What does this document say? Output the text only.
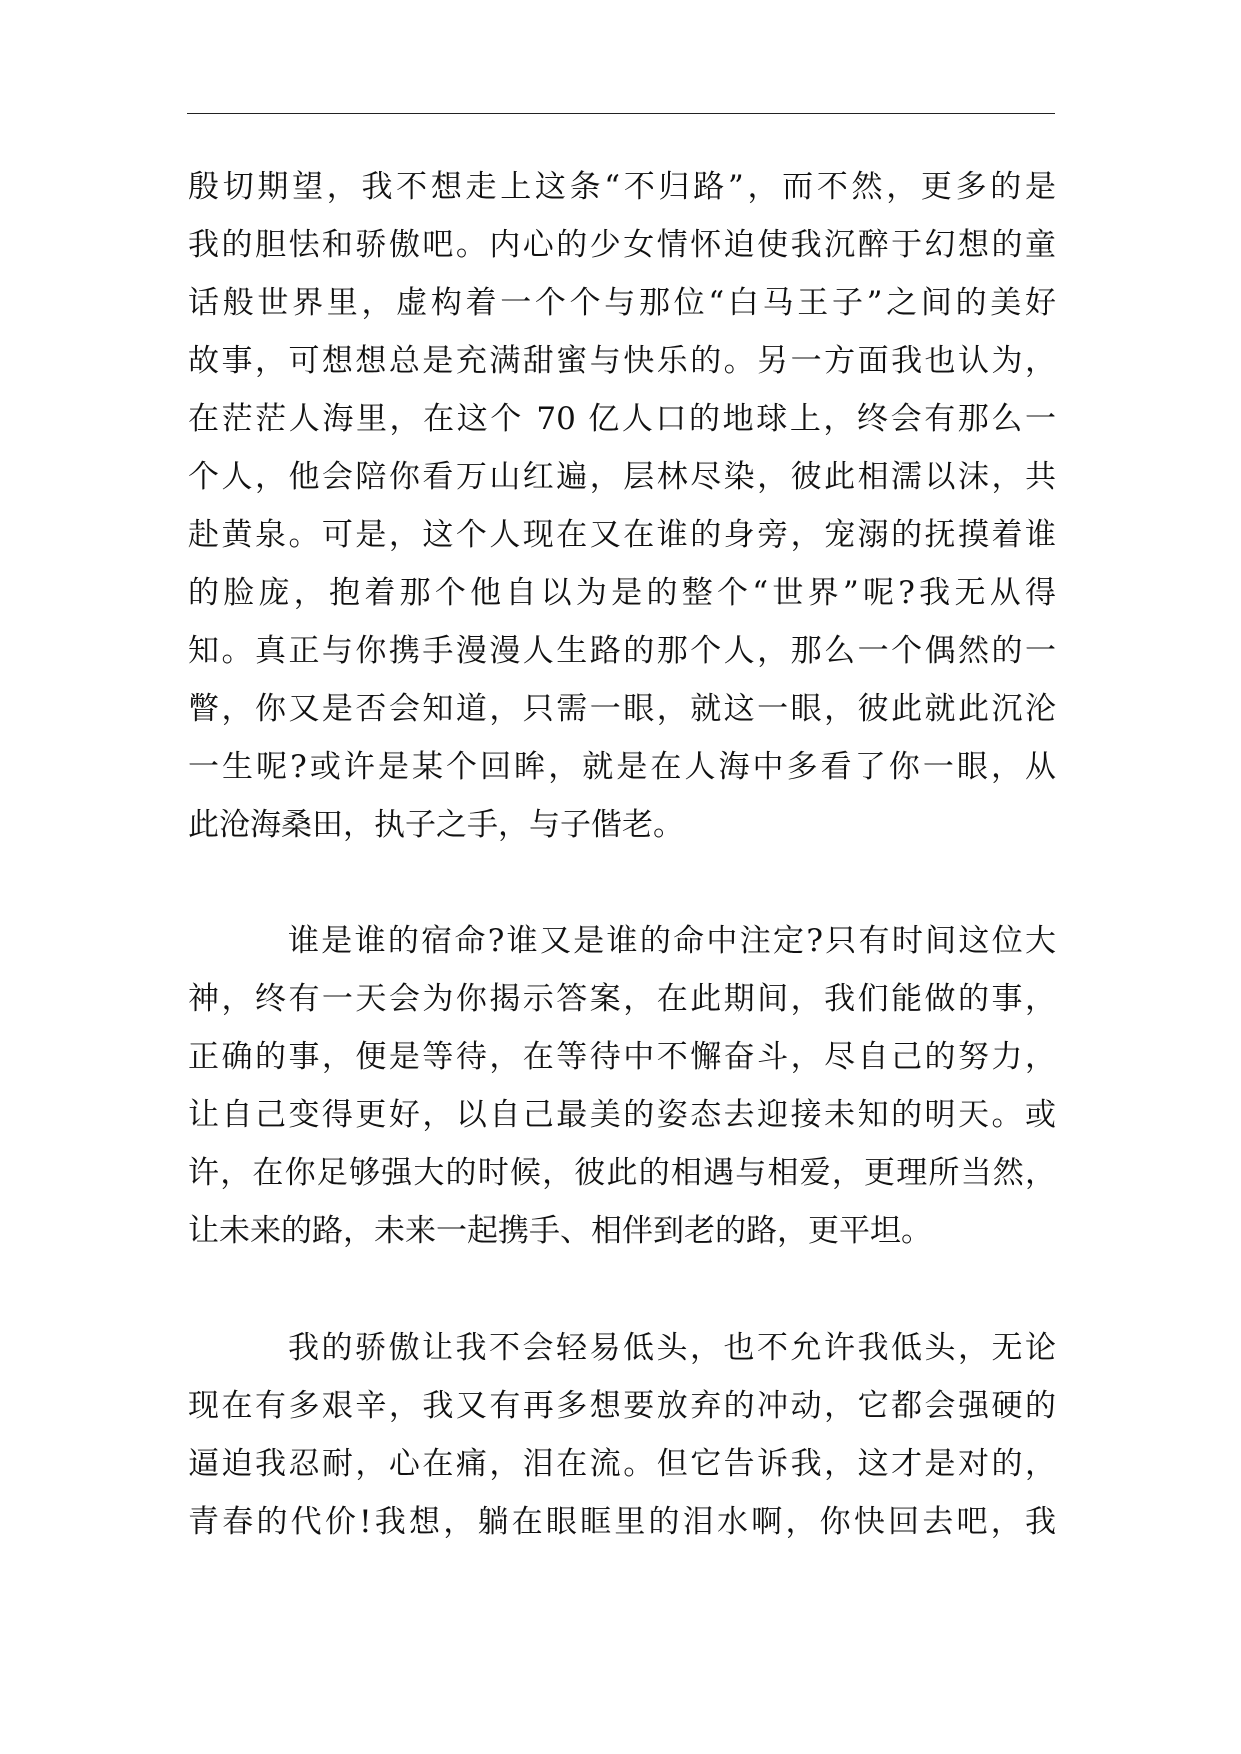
殷切期望，我不想走上这条“不归路”，而不然，更多的是
我的胆怯和骄傲吧。内心的少女情怀迫使我沉醉于幻想的童
话般世界里，虚构着一个个与那位“白马王子”之间的美好
故事，可想想总是充满甜蜜与快乐的。另一方面我也认为，
在茫茫人海里，在这个 70 亿人口的地球上，终会有那么一
个人，他会陪你看万山红遍，层林尽染，彼此相濡以沫，共
赴黄泉。可是，这个人现在又在谁的身旁，宠溺的抚摸着谁
的脸庞，抱着那个他自以为是的整个“世界”呢?我无从得
知。真正与你携手漫漫人生路的那个人，那么一个偶然的一
瞥，你又是否会知道，只需一眼，就这一眼，彼此就此沉沦
一生呢?或许是某个回眸，就是在人海中多看了你一眼，从
此沧海桑田，执子之手，与子偕老。
谁是谁的宿命?谁又是谁的命中注定?只有时间这位大
神，终有一天会为你揭示答案，在此期间，我们能做的事，
正确的事，便是等待，在等待中不懈奋斗，尽自己的努力，
让自己变得更好，以自己最美的姿态去迎接未知的明天。或
许，在你足够强大的时候，彼此的相遇与相爱，更理所当然，
让未来的路，未来一起携手、相伴到老的路，更平坦。
我的骄傲让我不会轻易低头，也不允许我低头，无论
现在有多艰辛，我又有再多想要放弃的冲动，它都会强硬的
逼迫我忍耐，心在痛，泪在流。但它告诉我，这才是对的，
青春的代价!我想，躺在眼眶里的泪水啊，你快回去吧，我
